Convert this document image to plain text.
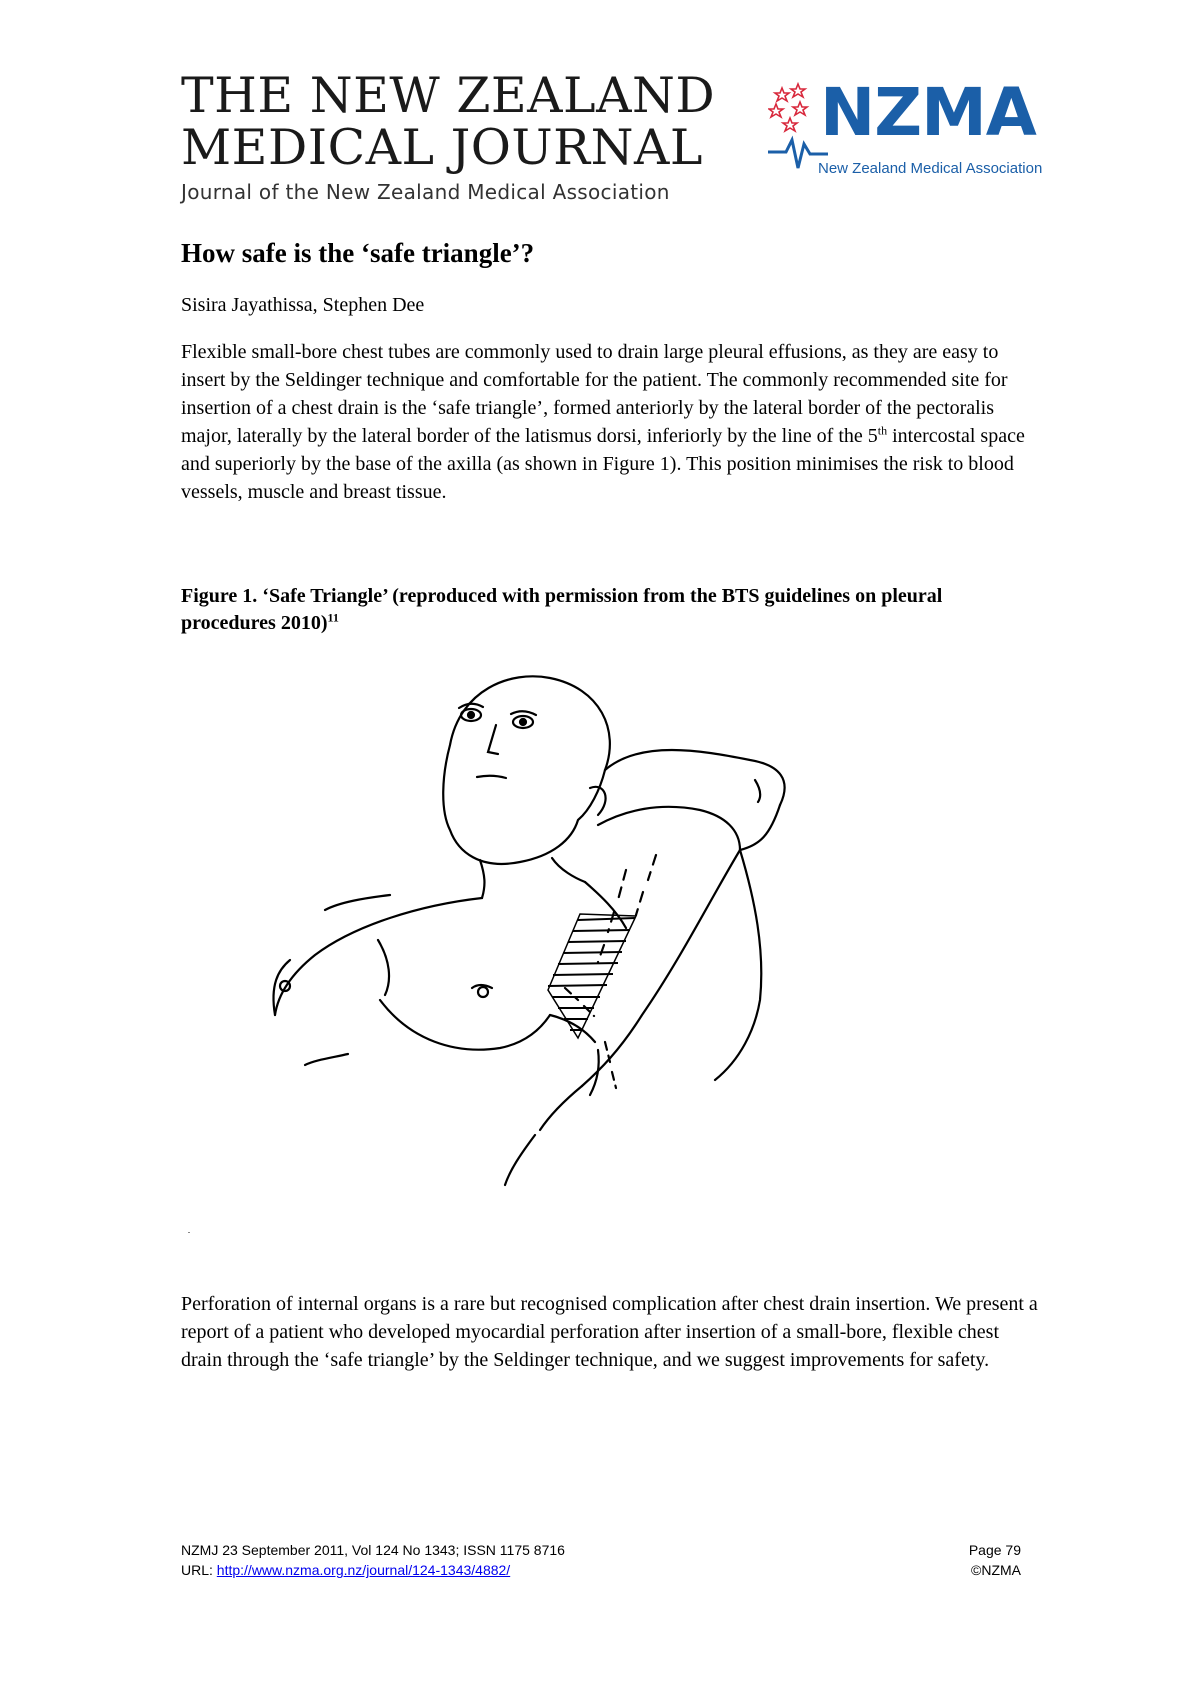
THE NEW ZEALAND
MEDICAL JOURNAL
Journal of the New Zealand Medical Association
NZMA
New Zealand Medical Association
How safe is the ‘safe triangle’?
Sisira Jayathissa, Stephen Dee
Flexible small-bore chest tubes are commonly used to drain large pleural effusions, as they are easy to insert by the Seldinger technique and comfortable for the patient. The commonly recommended site for insertion of a chest drain is the ‘safe triangle’, formed anteriorly by the lateral border of the pectoralis major, laterally by the lateral border of the latismus dorsi, inferiorly by the line of the 5th intercostal space and superiorly by the base of the axilla (as shown in Figure 1). This position minimises the risk to blood vessels, muscle and breast tissue.
Figure 1. ‘Safe Triangle’ (reproduced with permission from the BTS guidelines on pleural procedures 2010)$^{11}$
Perforation of internal organs is a rare but recognised complication after chest drain insertion. We present a report of a patient who developed myocardial perforation after insertion of a small-bore, flexible chest drain through the ‘safe triangle’ by the Seldinger technique, and we suggest improvements for safety.
NZMJ 23 September 2011, Vol 124 No 1343; ISSN 1175 8716	Page 79
URL: http://www.nzma.org.nz/journal/124-1343/4882/	©NZMA
